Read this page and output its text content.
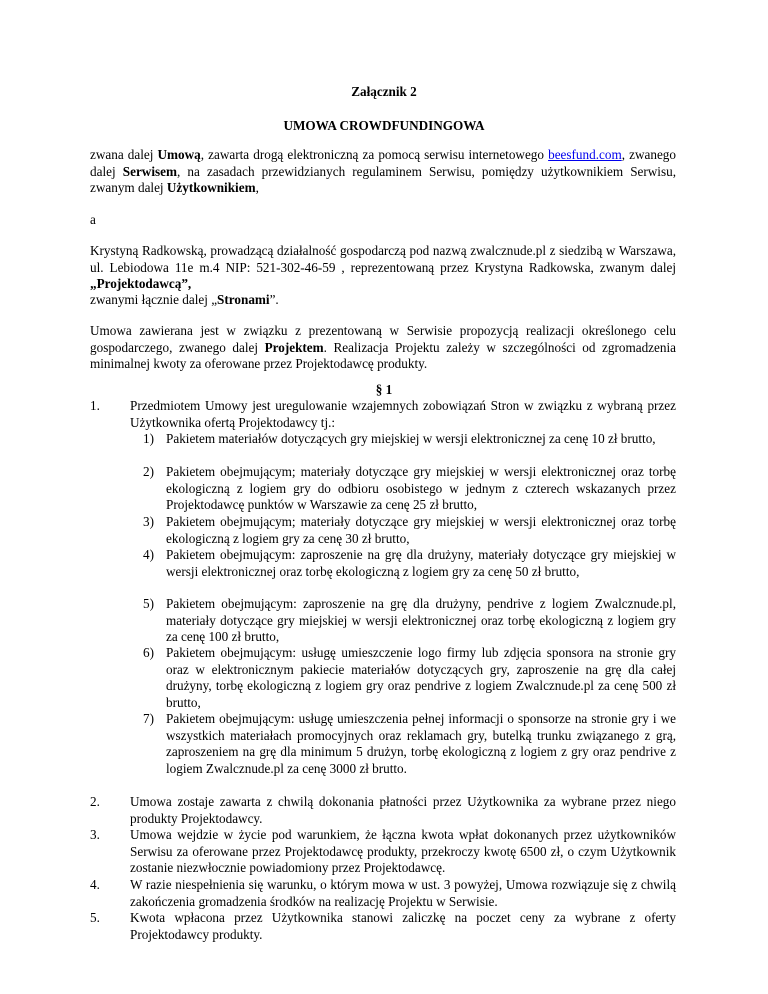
Załącznik 2
UMOWA CROWDFUNDINGOWA
zwana dalej Umową, zawarta drogą elektroniczną za pomocą serwisu internetowego beesfund.com, zwanego dalej Serwisem, na zasadach przewidzianych regulaminem Serwisu, pomiędzy użytkownikiem Serwisu, zwanym dalej Użytkownikiem,
a
Krystyną Radkowską, prowadzącą działalność gospodarczą pod nazwą zwalcznude.pl z siedzibą w Warszawa, ul. Lebiodowa 11e m.4 NIP: 521-302-46-59 , reprezentowaną przez Krystyna Radkowska, zwanym dalej „Projektodawcą”,
zwanymi łącznie dalej „Stronami”.
Umowa zawierana jest w związku z prezentowaną w Serwisie propozycją realizacji określonego celu gospodarczego, zwanego dalej Projektem. Realizacja Projektu zależy w szczególności od zgromadzenia minimalnej kwoty za oferowane przez Projektodawcę produkty.
§ 1
1.	Przedmiotem Umowy jest uregulowanie wzajemnych zobowiązań Stron w związku z wybraną przez Użytkownika ofertą Projektodawcy tj.:
1) Pakietem materiałów dotyczących gry miejskiej w wersji elektronicznej za cenę 10 zł brutto,
2) Pakietem obejmującym; materiały dotyczące gry miejskiej w wersji elektronicznej oraz torbę ekologiczną z logiem gry do odbioru osobistego w jednym z czterech wskazanych przez Projektodawcę punktów w Warszawie za cenę 25 zł brutto,
3) Pakietem obejmującym; materiały dotyczące gry miejskiej w wersji elektronicznej oraz torbę ekologiczną z logiem gry za cenę 30 zł brutto,
4) Pakietem obejmującym: zaproszenie na grę dla drużyny, materiały dotyczące gry miejskiej w wersji elektronicznej oraz torbę ekologiczną z logiem gry za cenę 50 zł brutto,
5) Pakietem obejmującym: zaproszenie na grę dla drużyny, pendrive z logiem Zwalcznude.pl, materiały dotyczące gry miejskiej w wersji elektronicznej oraz torbę ekologiczną z logiem gry za cenę 100 zł brutto,
6) Pakietem obejmującym: usługę umieszczenie logo firmy lub zdjęcia sponsora na stronie gry oraz w elektronicznym pakiecie materiałów dotyczących gry, zaproszenie na grę dla całej drużyny, torbę ekologiczną z logiem gry oraz pendrive z logiem Zwalcznude.pl za cenę 500 zł brutto,
7) Pakietem obejmującym: usługę umieszczenia pełnej informacji o sponsorze na stronie gry i we wszystkich materiałach promocyjnych oraz reklamach gry, butelką trunku związanego z grą, zaproszeniem na grę dla minimum 5 drużyn, torbę ekologiczną z logiem z gry oraz pendrive z logiem Zwalcznude.pl za cenę 3000 zł brutto.
2.	Umowa zostaje zawarta z chwilą dokonania płatności przez Użytkownika za wybrane przez niego produkty Projektodawcy.
3.	Umowa wejdzie w życie pod warunkiem, że łączna kwota wpłat dokonanych przez użytkowników Serwisu za oferowane przez Projektodawcę produkty, przekroczy kwotę 6500 zł, o czym Użytkownik zostanie niezwłocznie powiadomiony przez Projektodawcę.
4.	W razie niespełnienia się warunku, o którym mowa w ust. 3 powyżej, Umowa rozwiązuje się z chwilą zakończenia gromadzenia środków na realizację Projektu w Serwisie.
5.	Kwota wpłacona przez Użytkownika stanowi zaliczkę na poczet ceny za wybrane z oferty Projektodawcy produkty.
